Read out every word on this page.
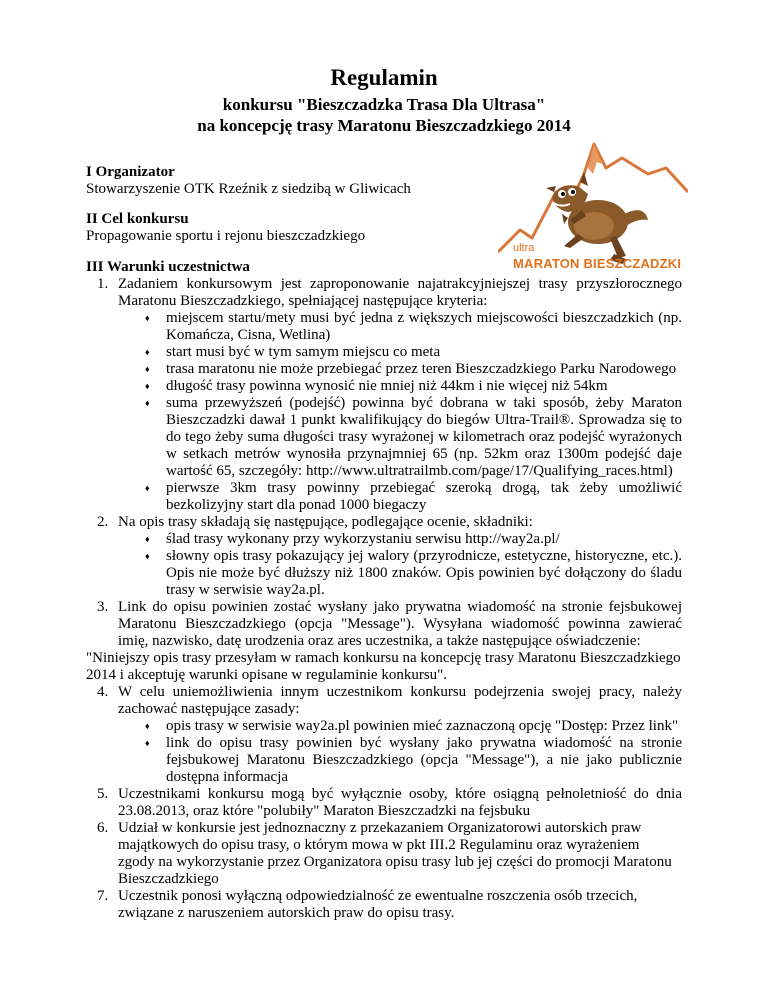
Regulamin
konkursu "Bieszczadzka Trasa Dla Ultrasa"
na koncepcję trasy Maratonu Bieszczadzkiego 2014
ultra
MARATON BIESZCZADZKI
I Organizator
Stowarzyszenie OTK Rzeźnik z siedzibą w Gliwicach
II Cel konkursu
Propagowanie sportu i rejonu bieszczadzkiego
III Warunki uczestnictwa
1. Zadaniem konkursowym jest zaproponowanie najatrakcyjniejszej trasy przyszłorocznego
Maratonu Bieszczadzkiego, spełniającej następujące kryteria:
♦ miejscem startu/mety musi być jedna z większych miejscowości bieszczadzkich (np.
Komańcza, Cisna, Wetlina)
♦ start musi być w tym samym miejscu co meta
♦ trasa maratonu nie może przebiegać przez teren Bieszczadzkiego Parku Narodowego
♦ długość trasy powinna wynosić nie mniej niż 44km i nie więcej niż 54km
♦ suma przewyższeń (podejść) powinna być dobrana w taki sposób, żeby Maraton
Bieszczadzki dawał 1 punkt kwalifikujący do biegów Ultra-Trail®. Sprowadza się to
do tego żeby suma długości trasy wyrażonej w kilometrach oraz podejść wyrażonych
w setkach metrów wynosiła przynajmniej 65 (np. 52km oraz 1300m podejść daje
wartość 65, szczegóły: http://www.ultratrailmb.com/page/17/Qualifying_races.html)
♦ pierwsze 3km trasy powinny przebiegać szeroką drogą, tak żeby umożliwić
bezkolizyjny start dla ponad 1000 biegaczy
2. Na opis trasy składają się następujące, podlegające ocenie, składniki:
♦ ślad trasy wykonany przy wykorzystaniu serwisu http://way2a.pl/
♦ słowny opis trasy pokazujący jej walory (przyrodnicze, estetyczne, historyczne, etc.).
Opis nie może być dłuższy niż 1800 znaków. Opis powinien być dołączony do śladu
trasy w serwisie way2a.pl.
3. Link do opisu powinien zostać wysłany jako prywatna wiadomość na stronie fejsbukowej
Maratonu Bieszczadzkiego (opcja "Message"). Wysyłana wiadomość powinna zawierać
imię, nazwisko, datę urodzenia oraz ares uczestnika, a także następujące oświadczenie:
"Niniejszy opis trasy przesyłam w ramach konkursu na koncepcję trasy Maratonu Bieszczadzkiego
2014 i akceptuję warunki opisane w regulaminie konkursu".
4. W celu uniemożliwienia innym uczestnikom konkursu podejrzenia swojej pracy, należy
zachować następujące zasady:
♦ opis trasy w serwisie way2a.pl powinien mieć zaznaczoną opcję "Dostęp: Przez link"
♦ link do opisu trasy powinien być wysłany jako prywatna wiadomość na stronie
fejsbukowej Maratonu Bieszczadzkiego (opcja "Message"), a nie jako publicznie
dostępna informacja
5. Uczestnikami konkursu mogą być wyłącznie osoby, które osiągną pełnoletniość do dnia
23.08.2013, oraz które "polubiły" Maraton Bieszczadzki na fejsbuku
6. Udział w konkursie jest jednoznaczny z przekazaniem Organizatorowi autorskich praw
majątkowych do opisu trasy, o którym mowa w pkt III.2 Regulaminu oraz wyrażeniem
zgody na wykorzystanie przez Organizatora opisu trasy lub jej części do promocji Maratonu
Bieszczadzkiego
7. Uczestnik ponosi wyłączną odpowiedzialność ze ewentualne roszczenia osób trzecich,
związane z naruszeniem autorskich praw do opisu trasy.
